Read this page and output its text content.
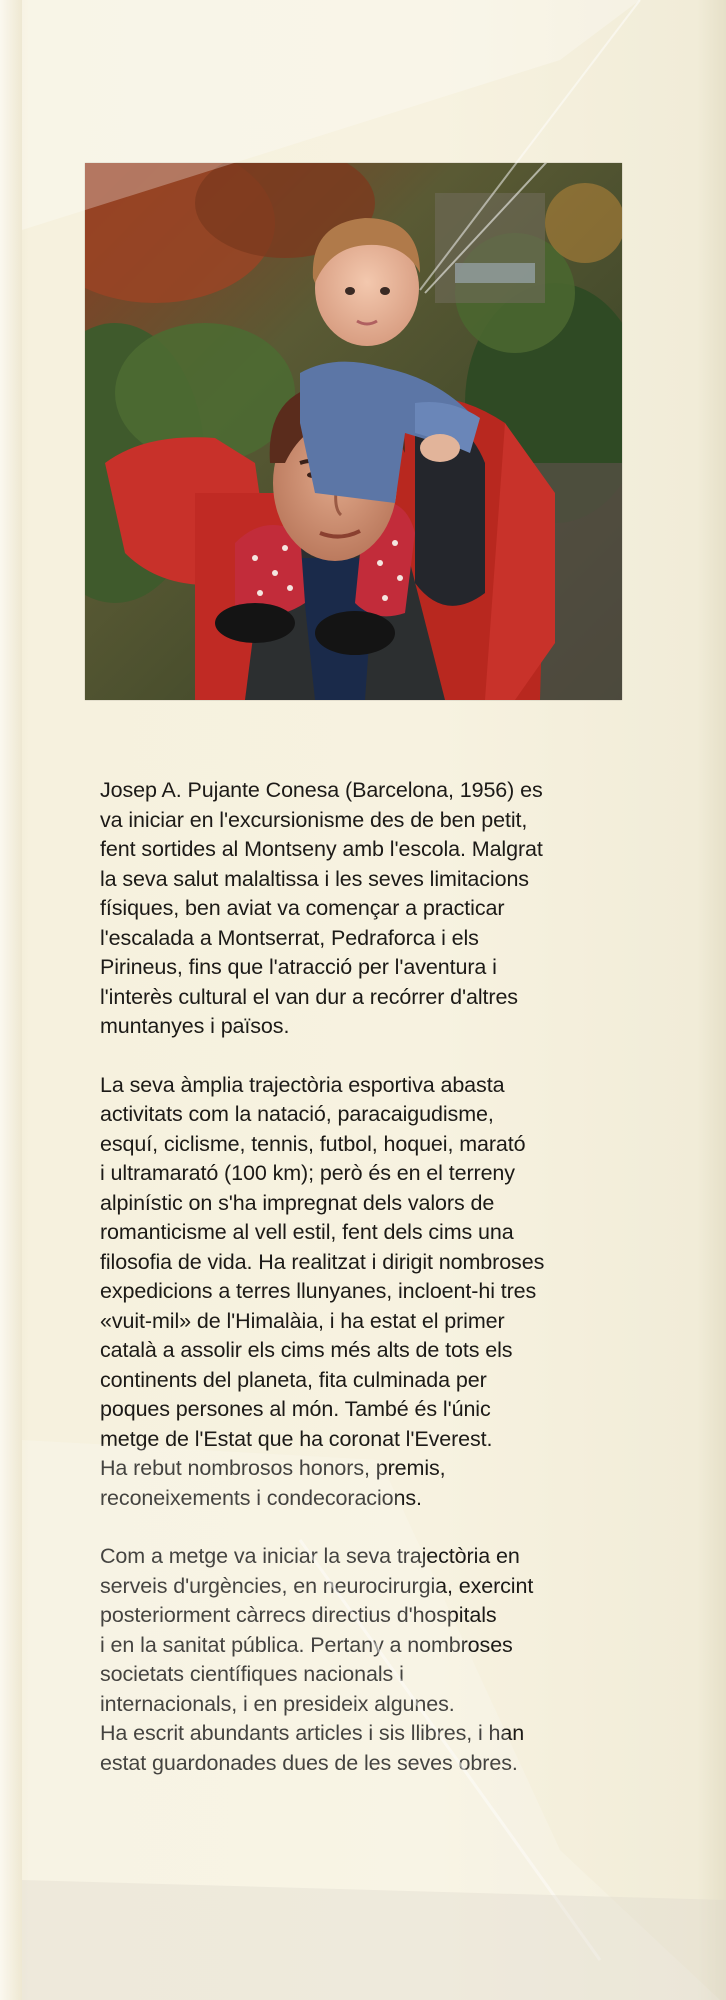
Josep A. Pujante Conesa (Barcelona, 1956) es
va iniciar en l'excursionisme des de ben petit,
fent sortides al Montseny amb l'escola. Malgrat
la seva salut malaltissa i les seves limitacions
físiques, ben aviat va començar a practicar
l'escalada a Montserrat, Pedraforca i els
Pirineus, fins que l'atracció per l'aventura i
l'interès cultural el van dur a recórrer d'altres
muntanyes i països.

La seva àmplia trajectòria esportiva abasta
activitats com la natació, paracaigudisme,
esquí, ciclisme, tennis, futbol, hoquei, marató
i ultramarató (100 km); però és en el terreny
alpinístic on s'ha impregnat dels valors de
romanticisme al vell estil, fent dels cims una
filosofia de vida. Ha realitzat i dirigit nombroses
expedicions a terres llunyanes, incloent-hi tres
«vuit-mil» de l'Himalàia, i ha estat el primer
català a assolir els cims més alts de tots els
continents del planeta, fita culminada per
poques persones al món. També és l'únic
metge de l'Estat que ha coronat l'Everest.
Ha rebut nombrosos honors, premis,
reconeixements i condecoracions.

Com a metge va iniciar la seva trajectòria en
serveis d'urgències, en neurocirurgia, exercint
posteriorment càrrecs directius d'hospitals
i en la sanitat pública. Pertany a nombroses
societats científiques nacionals i
internacionals, i en presideix algunes.
Ha escrit abundants articles i sis llibres, i han
estat guardonades dues de les seves obres.
